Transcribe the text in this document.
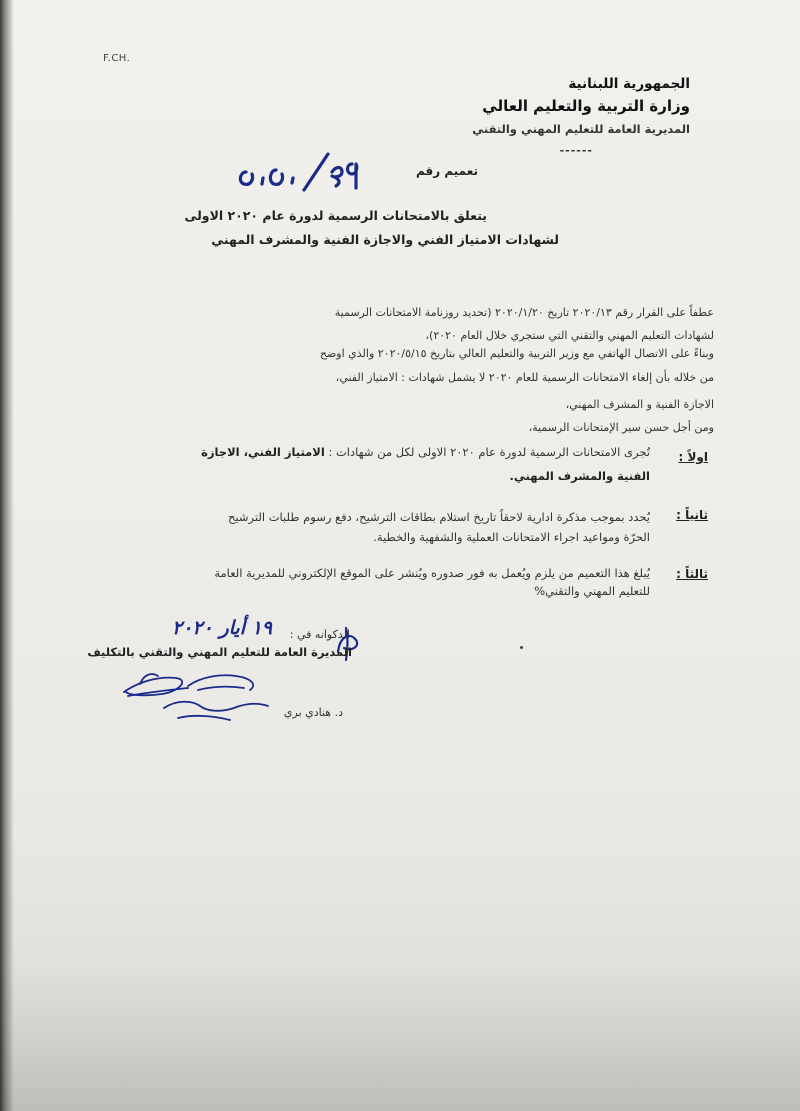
F.CH.
الجمهورية اللبنانية
وزارة التربية والتعليم العالي
المديرية العامة للتعليم المهني والتقني
------
تعميم رقم
يتعلق بالامتحانات الرسمية لدورة عام ٢٠٢٠ الاولى
لشهادات الامتياز الفني والاجازة الفنية والمشرف المهني
عطفاً على القرار رقم ٢٠٢٠/١٣ تاريخ ٢٠٢٠/١/٢٠ (تحديد روزنامة الامتحانات الرسمية
لشهادات التعليم المهني والتقني التي ستجري خلال العام ٢٠٢٠)،
وبناءً على الاتصال الهاتفي مع وزير التربية والتعليم العالي بتاريخ ٢٠٢٠/٥/١٥ والذي اوضح
من خلاله بأن إلغاء الامتحانات الرسمية للعام ٢٠٢٠ لا يشمل شهادات : الامتياز الفني،
الاجازة الفنية و المشرف المهني،
ومن أجل حسن سير الإمتحانات الرسمية،
اولاً :
تُجرى الامتحانات الرسمية لدورة عام ٢٠٢٠ الاولى لكل من شهادات : الامتياز الفني، الاجازة
الفنية والمشرف المهني.
ثانياً :
يُحدد بموجب مذكرة ادارية لاحقاً تاريخ استلام بطاقات الترشيح، دفع رسوم طلبات الترشيح
الحرّة ومواعيد اجراء الامتحانات العملية والشفهية والخطية.
ثالثاً :
يُبلغ هذا التعميم من يلزم ويُعمل به فور صدوره ويُنشر على الموقع الإلكتروني للمديرية العامة
للتعليم المهني والتقني%
الدكوانه في :
١٩ أيار ٢٠٢٠
المديرة العامة للتعليم المهني والتقني بالتكليف
د. هنادي بري
